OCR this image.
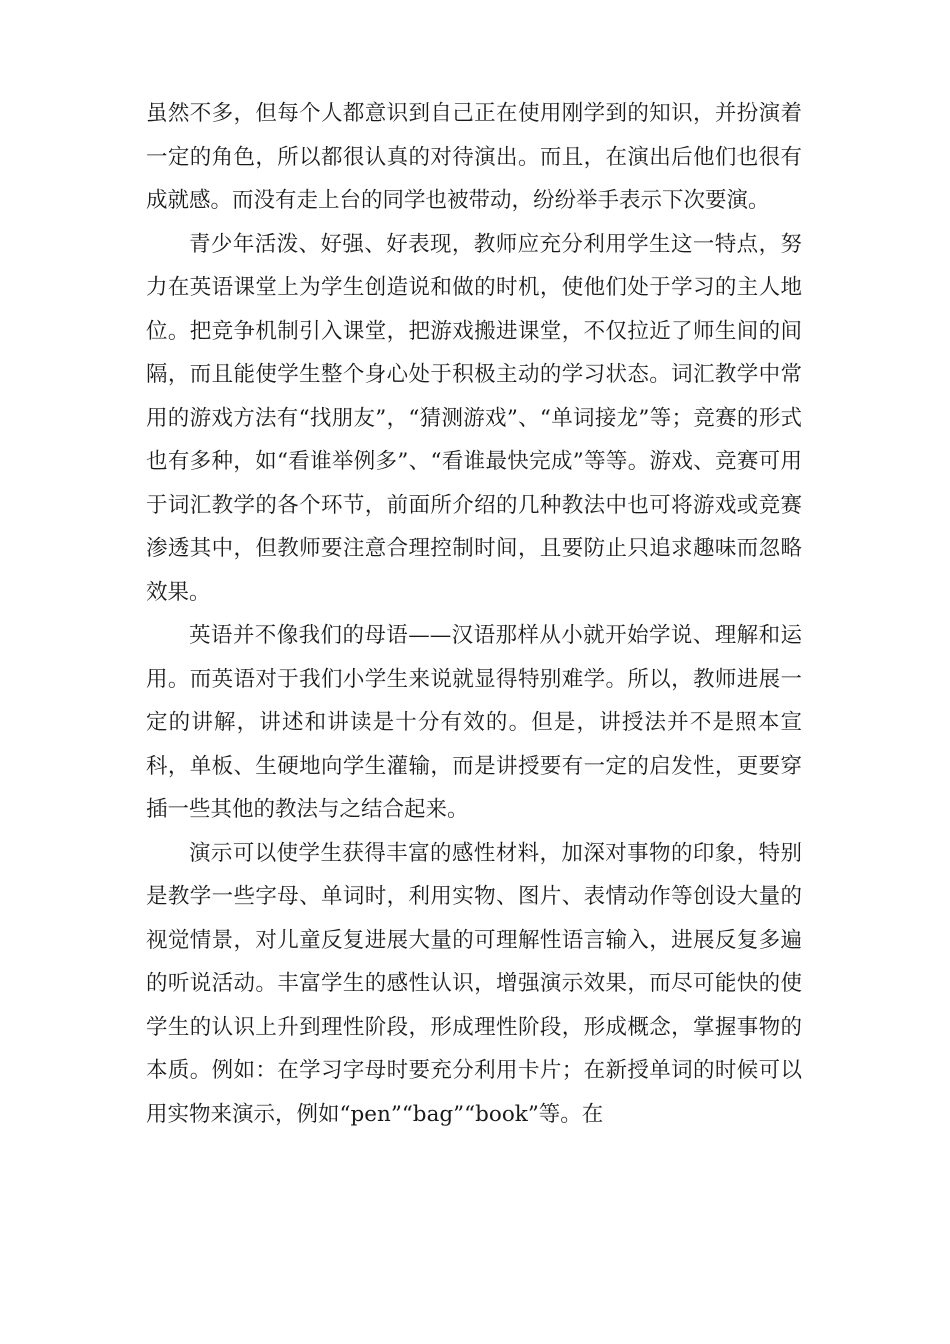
虽然不多，但每个人都意识到自己正在使用刚学到的知识，并扮演着一定的角色，所以都很认真的对待演出。而且，在演出后他们也很有成就感。而没有走上台的同学也被带动，纷纷举手表示下次要演。

青少年活泼、好强、好表现，教师应充分利用学生这一特点，努力在英语课堂上为学生创造说和做的时机，使他们处于学习的主人地位。把竞争机制引入课堂，把游戏搬进课堂，不仅拉近了师生间的间隔，而且能使学生整个身心处于积极主动的学习状态。词汇教学中常用的游戏方法有“找朋友”，“猜测游戏”、“单词接龙”等；竞赛的形式也有多种，如“看谁举例多”、“看谁最快完成”等等。游戏、竞赛可用于词汇教学的各个环节，前面所介绍的几种教法中也可将游戏或竞赛渗透其中，但教师要注意合理控制时间，且要防止只追求趣味而忽略效果。

英语并不像我们的母语——汉语那样从小就开始学说、理解和运用。而英语对于我们小学生来说就显得特别难学。所以，教师进展一定的讲解，讲述和讲读是十分有效的。但是，讲授法并不是照本宣科，单板、生硬地向学生灌输，而是讲授要有一定的启发性，更要穿插一些其他的教法与之结合起来。

演示可以使学生获得丰富的感性材料，加深对事物的印象，特别是教学一些字母、单词时，利用实物、图片、表情动作等创设大量的视觉情景，对儿童反复进展大量的可理解性语言输入，进展反复多遍的听说活动。丰富学生的感性认识，增强演示效果，而尽可能快的使学生的认识上升到理性阶段，形成理性阶段，形成概念，掌握事物的本质。例如：在学习字母时要充分利用卡片；在新授单词的时候可以用实物来演示，例如“pen”“bag”“book”等。在
